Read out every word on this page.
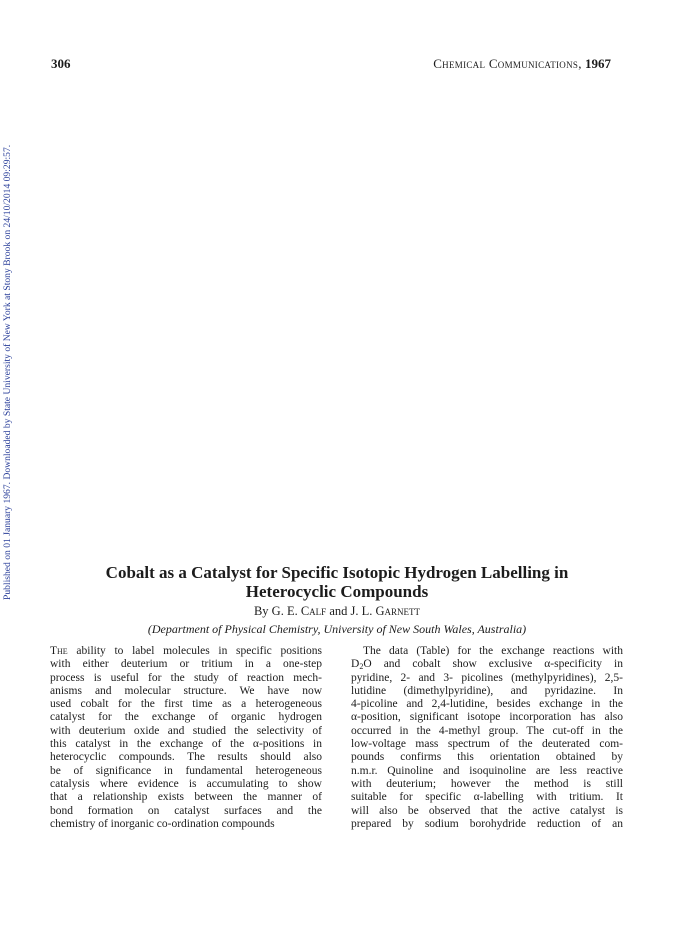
Published on 01 January 1967. Downloaded by State University of New York at Stony Brook on 24/10/2014 09:29:57.
306	Chemical Communications, 1967
Cobalt as a Catalyst for Specific Isotopic Hydrogen Labelling in
Heterocyclic Compounds
By G. E. Calf and J. L. Garnett
(Department of Physical Chemistry, University of New South Wales, Australia)
The ability to label molecules in specific positions
with either deuterium or tritium in a one-step
process is useful for the study of reaction mech-
anisms and molecular structure. We have now
used cobalt for the first time as a heterogeneous
catalyst for the exchange of organic hydrogen
with deuterium oxide and studied the selectivity of
this catalyst in the exchange of the α-positions in
heterocyclic compounds. The results should also
be of significance in fundamental heterogeneous
catalysis where evidence is accumulating to show
that a relationship exists between the manner of
bond formation on catalyst surfaces and the
chemistry of inorganic co-ordination compounds
The data (Table) for the exchange reactions with
$D_2O$ and cobalt show exclusive α-specificity in
pyridine, 2- and 3- picolines (methylpyridines), 2,5-
lutidine (dimethylpyridine), and pyridazine. In
4-picoline and 2,4-lutidine, besides exchange in the
α-position, significant isotope incorporation has also
occurred in the 4-methyl group. The cut-off in the
low-voltage mass spectrum of the deuterated com-
pounds confirms this orientation obtained by
n.m.r. Quinoline and isoquinoline are less reactive
with deuterium; however the method is still
suitable for specific α-labelling with tritium. It
will also be observed that the active catalyst is
prepared by sodium borohydride reduction of an
